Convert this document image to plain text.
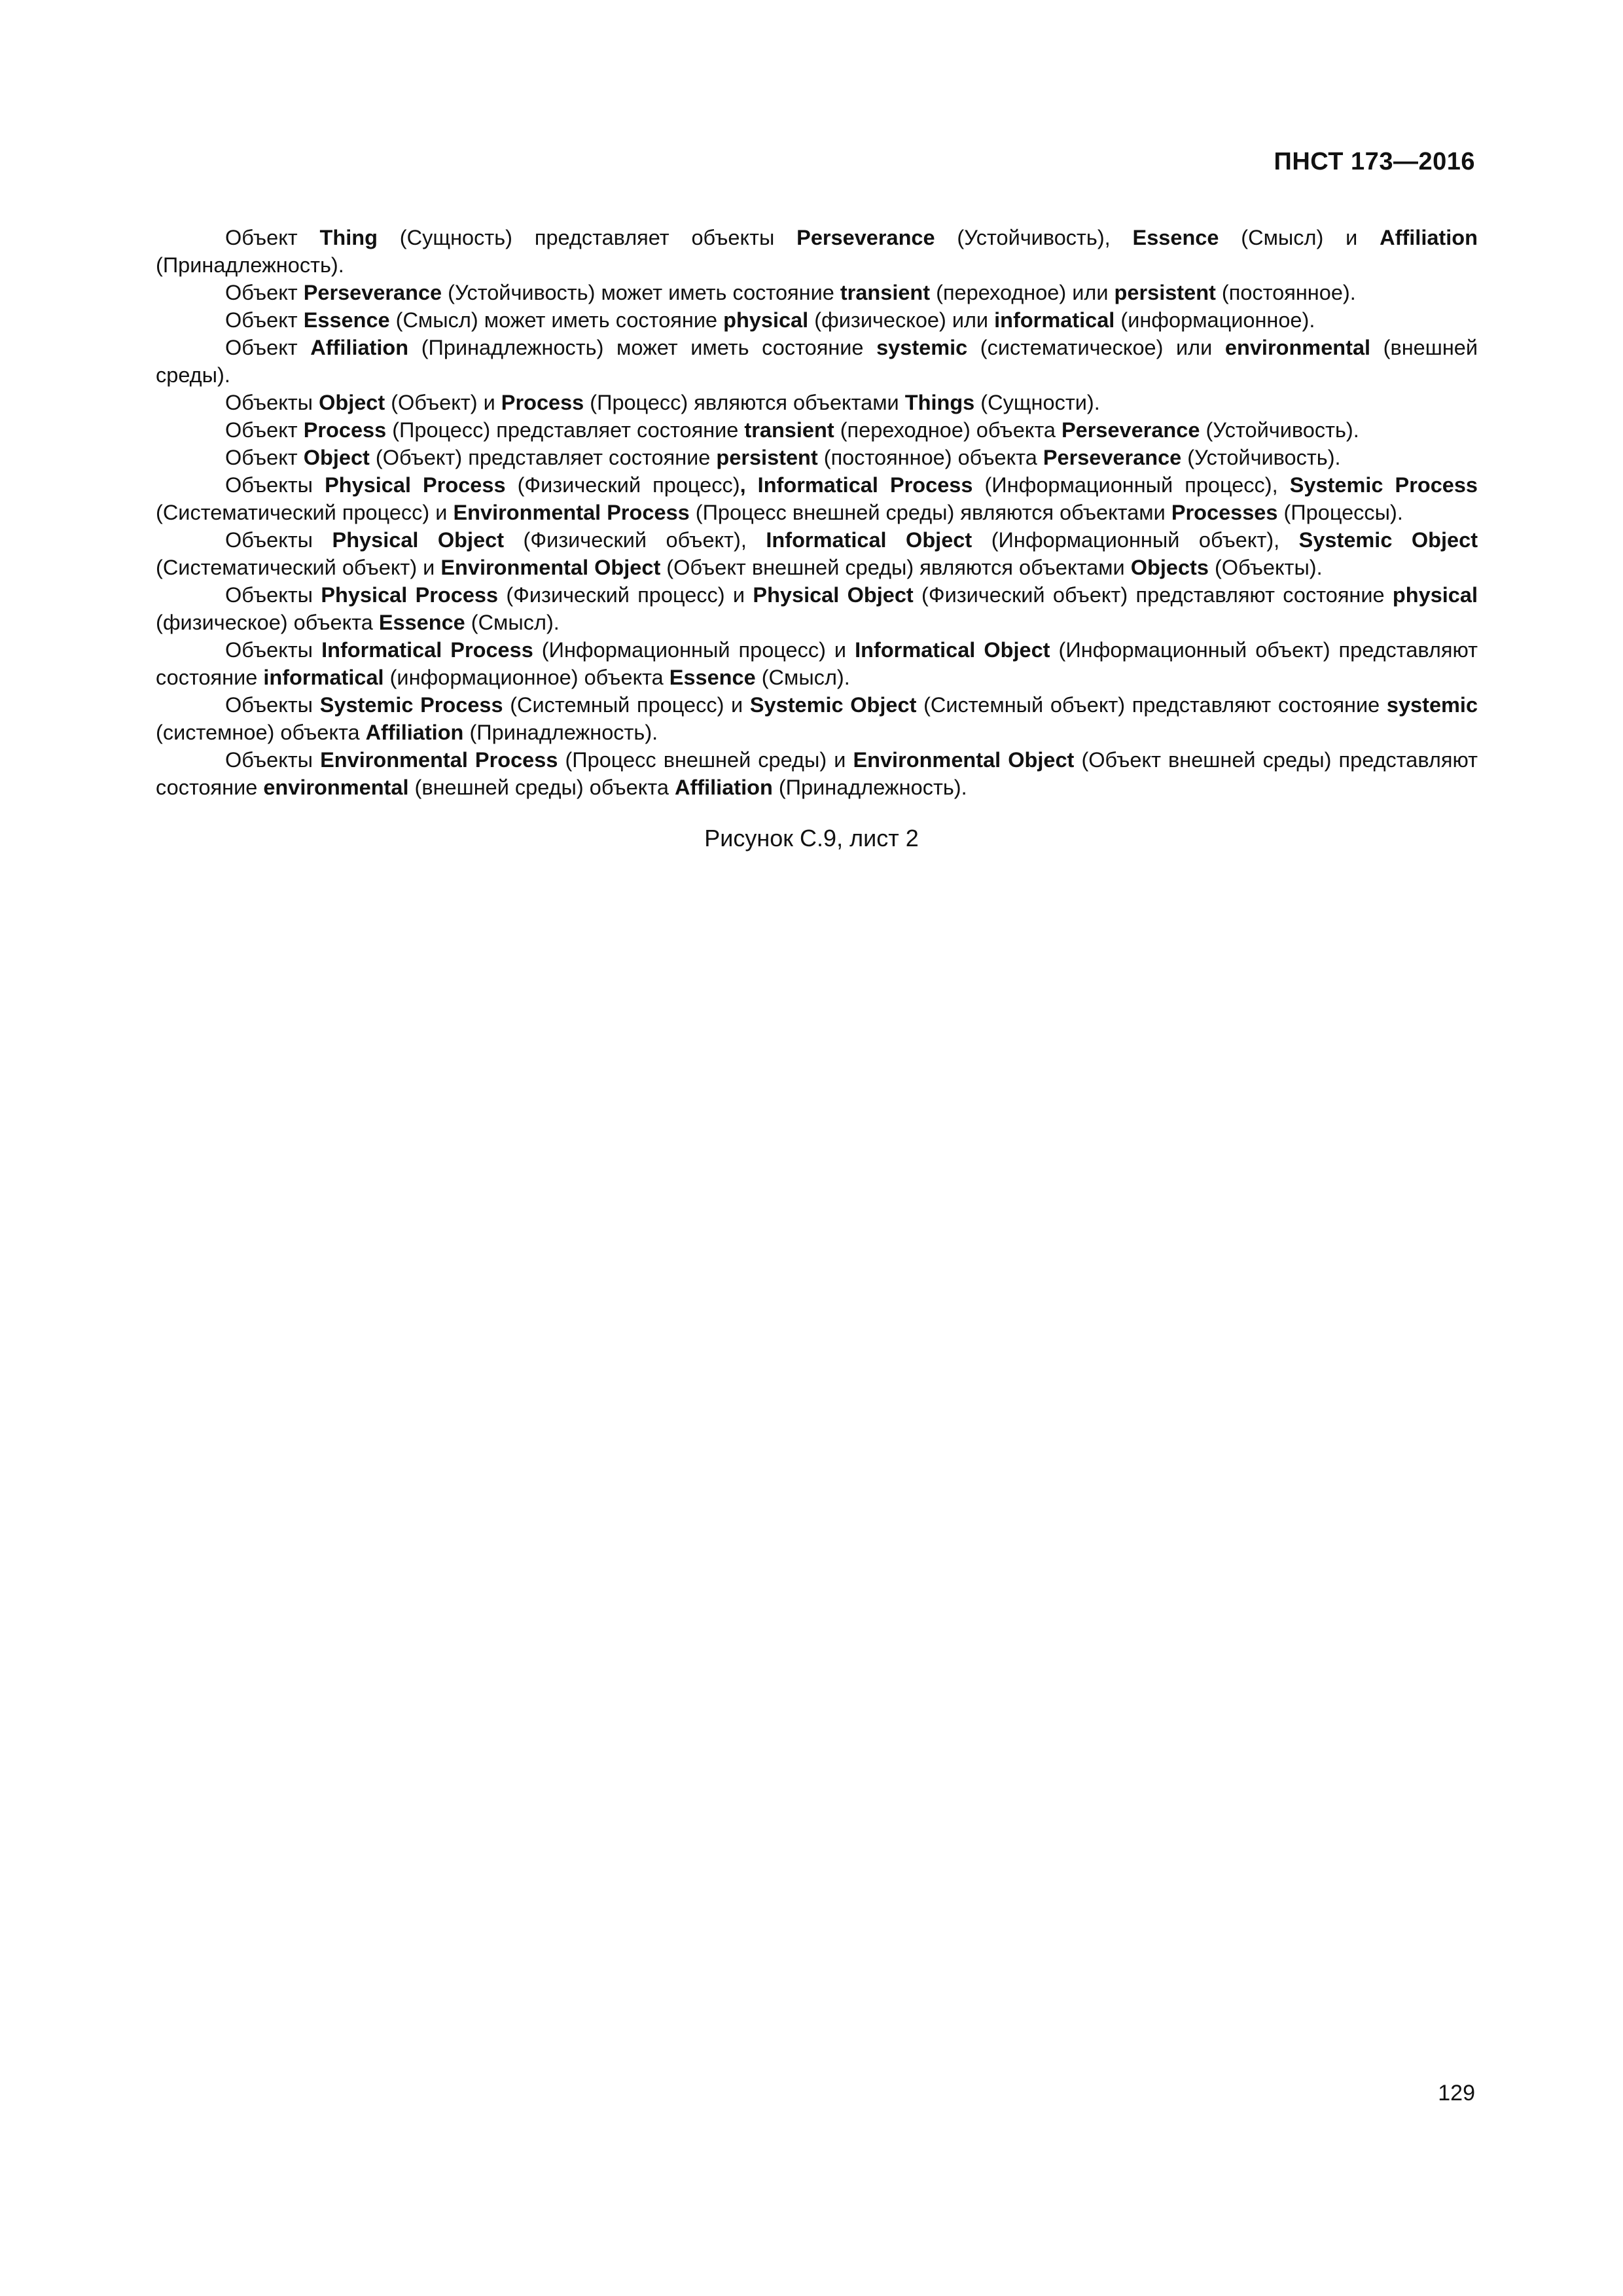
ПНСТ 173—2016

Объект Thing (Сущность) представляет объекты Perseverance (Устойчивость), Essence (Смысл) и Affiliation (Принадлежность).

Объект Perseverance (Устойчивость) может иметь состояние transient (переходное) или persistent (постоянное).

Объект Essence (Смысл) может иметь состояние physical (физическое) или informatical (информационное).

Объект Affiliation (Принадлежность) может иметь состояние systemic (систематическое) или environmental (внешней среды).

Объекты Object (Объект) и Process (Процесс) являются объектами Things (Сущности).

Объект Process (Процесс) представляет состояние transient (переходное) объекта Perseverance (Устойчивость).

Объект Object (Объект) представляет состояние persistent (постоянное) объекта Perseverance (Устойчивость).

Объекты Physical Process (Физический процесс), Informatical Process (Информационный процесс), Systemic Process (Систематический процесс) и Environmental Process (Процесс внешней среды) являются объектами Processes (Процессы).

Объекты Physical Object (Физический объект), Informatical Object (Информационный объект), Systemic Object (Систематический объект) и Environmental Object (Объект внешней среды) являются объектами Objects (Объекты).

Объекты Physical Process (Физический процесс) и Physical Object (Физический объект) представляют состояние physical (физическое) объекта Essence (Смысл).

Объекты Informatical Process (Информационный процесс) и Informatical Object (Информационный объект) представляют состояние informatical (информационное) объекта Essence (Смысл).

Объекты Systemic Process (Системный процесс) и Systemic Object (Системный объект) представляют состояние systemic (системное) объекта Affiliation (Принадлежность).

Объекты Environmental Process (Процесс внешней среды) и Environmental Object (Объект внешней среды) представляют состояние environmental (внешней среды) объекта Affiliation (Принадлежность).

Рисунок С.9, лист 2
129
